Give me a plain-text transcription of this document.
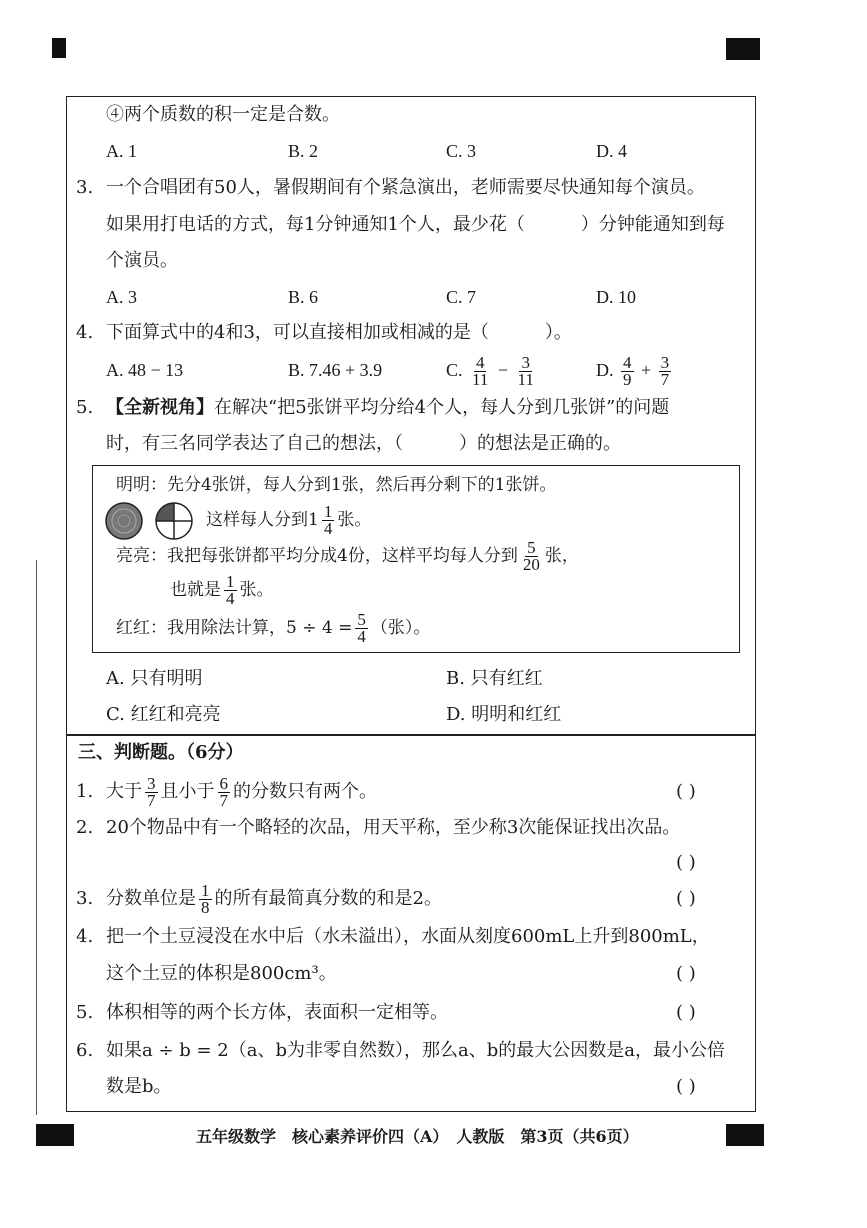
④两个质数的积一定是合数。
A. 1	B. 2	C. 3	D. 4
3. 一个合唱团有50人，暑假期间有个紧急演出，老师需要尽快通知每个演员。
如果用打电话的方式，每1分钟通知1个人，最少花（	）分钟能通知到每
个演员。
A. 3	B. 6	C. 7	D. 10
4. 下面算式中的4和3，可以直接相加或相减的是（	）。
A. 48 − 13	B. 7.46 + 3.9	C. $\frac{4}{11} - \frac{3}{11}$	D. $\frac{4}{9} + \frac{3}{7}$
5. 【全新视角】在解决“把5张饼平均分给4个人，每人分到几张饼”的问题
时，有三名同学表达了自己的想法，（	）的想法是正确的。
明明：先分4张饼，每人分到1张，然后再分剩下的1张饼。
这样每人分到$1 \frac{1}{4}$ 张。
亮亮：我把每张饼都平均分成4份，这样平均每人分到 $\frac{5}{20}$ 张，
也就是 $\frac{1}{4}$ 张。
红红：我用除法计算，$5 \div 4 = \frac{5}{4}$ （张）。
A. 只有明明	B. 只有红红
C. 红红和亮亮	D. 明明和红红
三、判断题。（6分）
1. 大于 $\frac{3}{7}$ 且小于 $\frac{6}{7}$ 的分数只有两个。	( )
2. 20个物品中有一个略轻的次品，用天平称，至少称3次能保证找出次品。
( )
3. 分数单位是 $\frac{1}{8}$ 的所有最简真分数的和是2。	( )
4. 把一个土豆浸没在水中后（水未溢出），水面从刻度600mL上升到800mL，
这个土豆的体积是800cm³。	( )
5. 体积相等的两个长方体，表面积一定相等。	( )
6. 如果a ÷ b = 2（a、b为非零自然数），那么a、b的最大公因数是a，最小公倍
数是b。	( )
五年级数学　核心素养评价四（A）　人教版　第3页（共6页）
